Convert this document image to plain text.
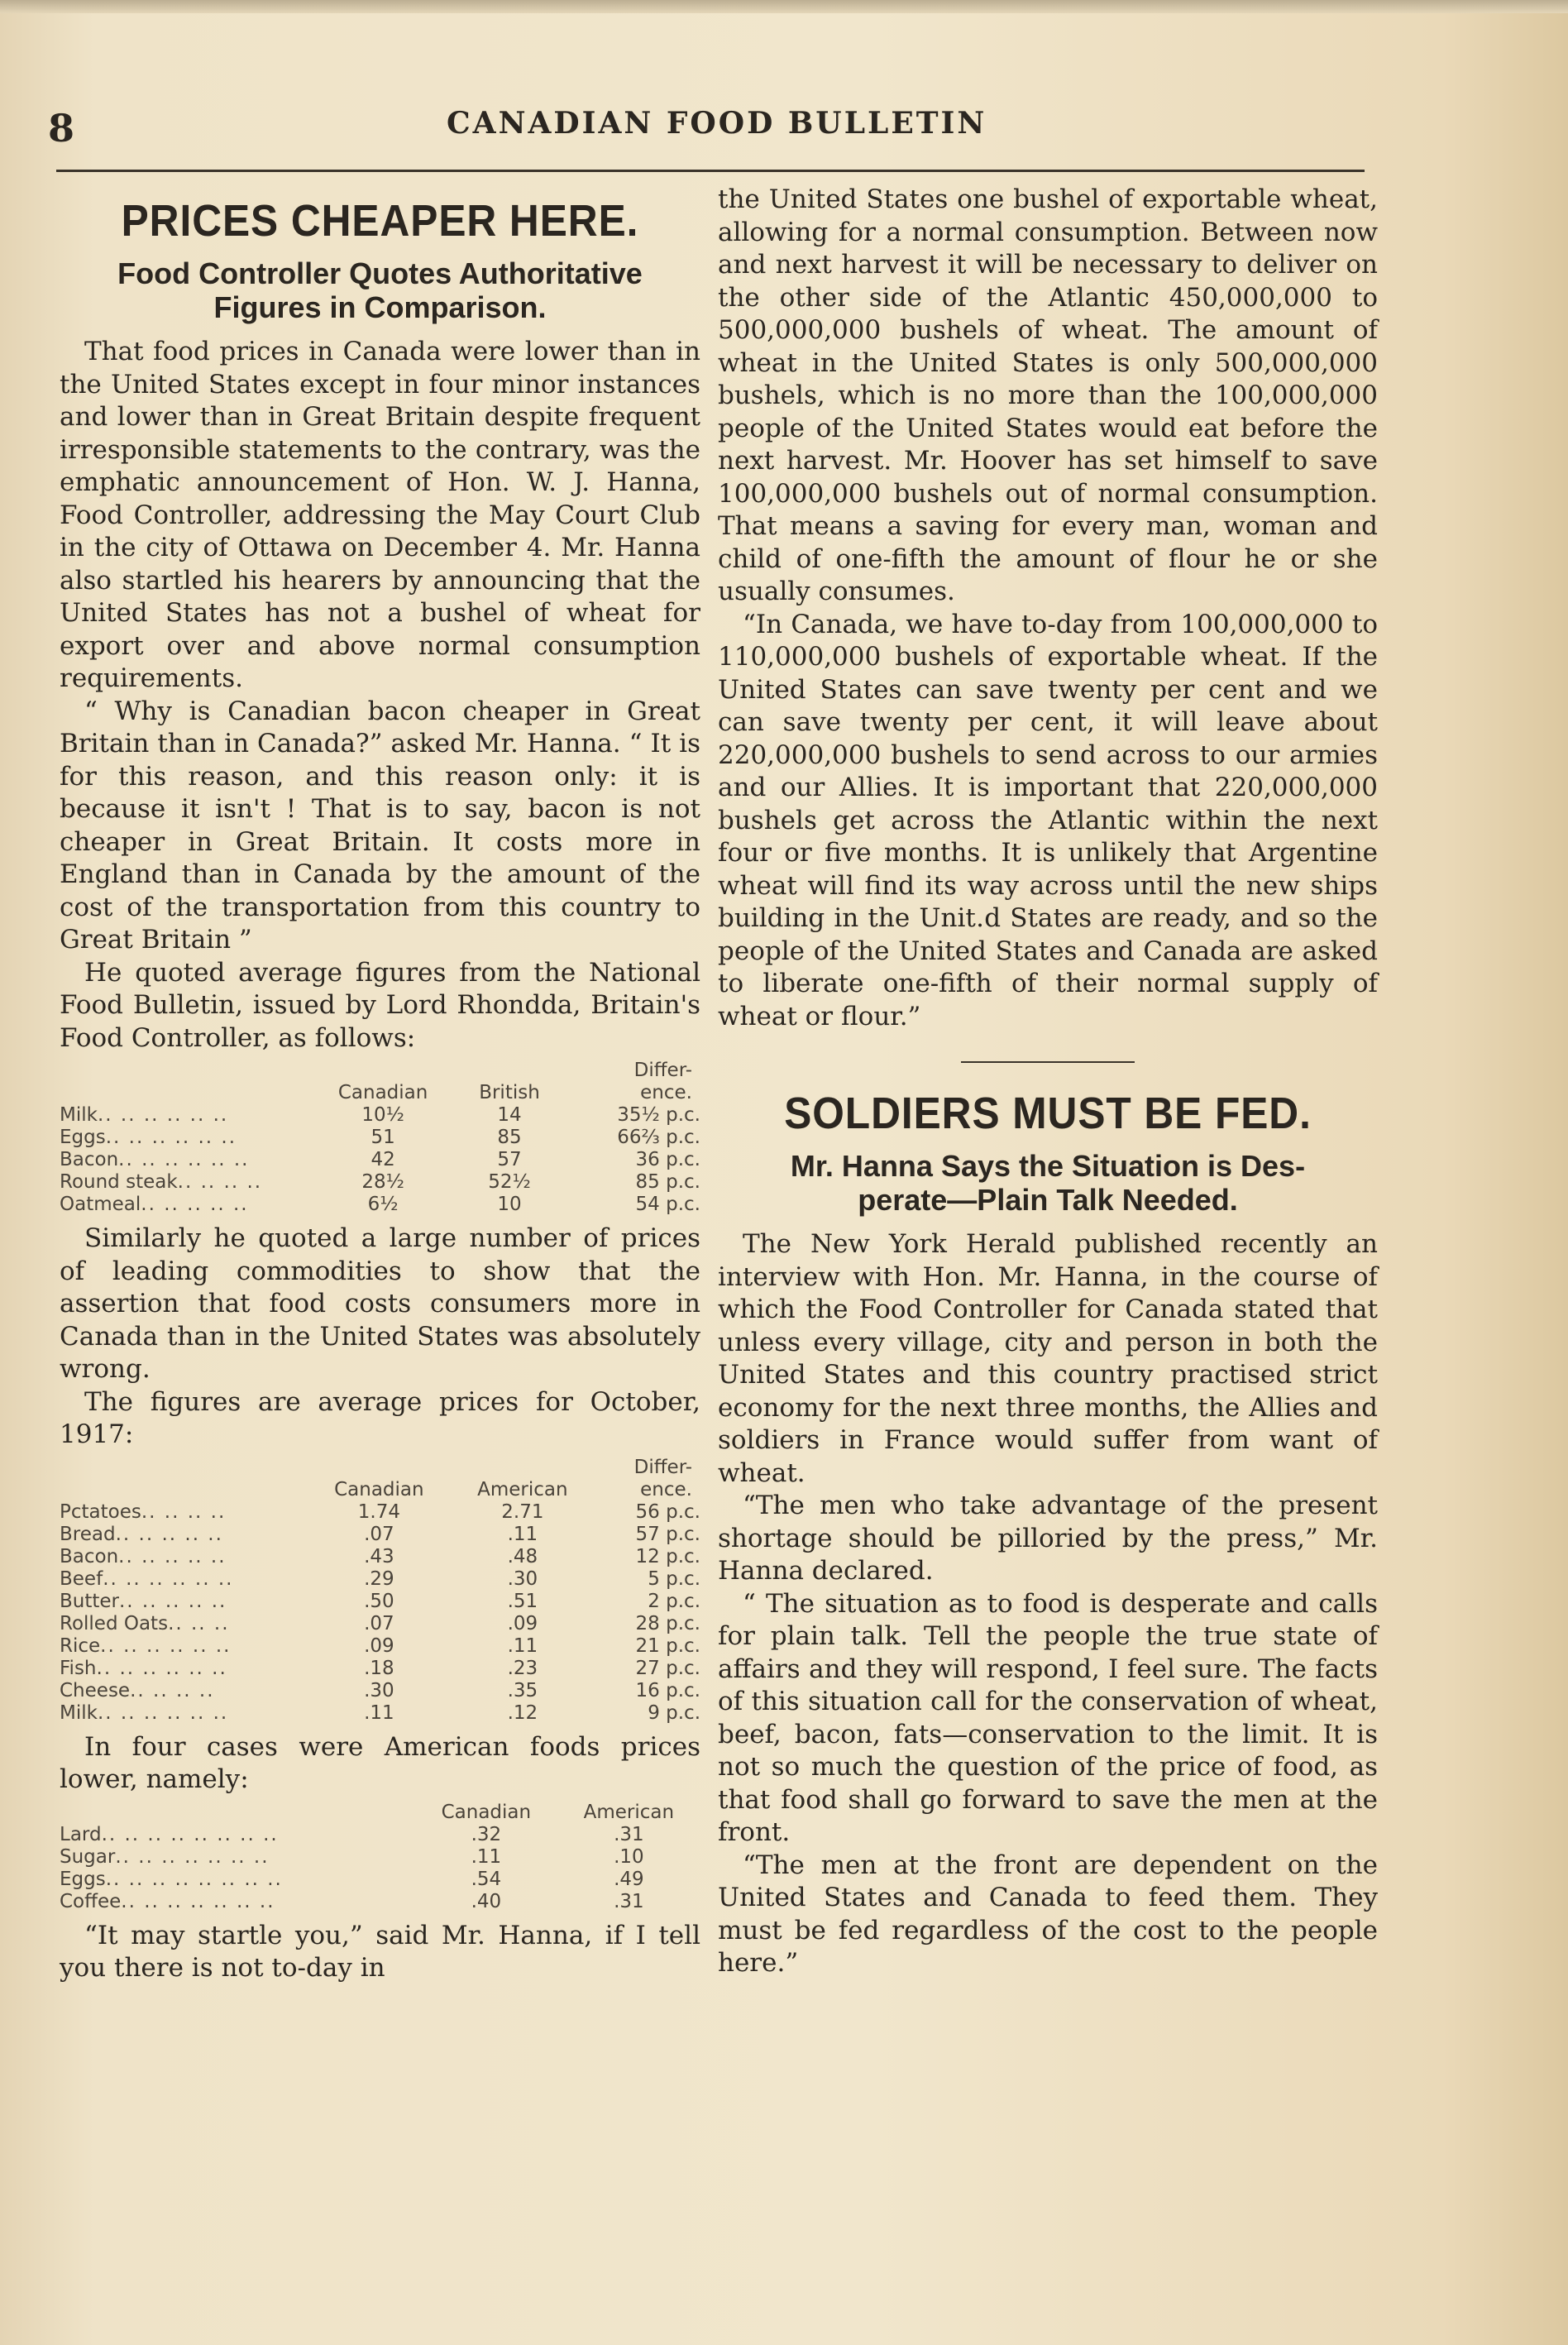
8	CANADIAN FOOD BULLETIN
PRICES CHEAPER HERE.
Food Controller Quotes Authoritative
Figures in Comparison.

That food prices in Canada were lower than in the United States except in four minor instances and lower than in Great Britain despite frequent irresponsible statements to the contrary, was the emphatic announcement of Hon. W. J. Hanna, Food Controller, addressing the May Court Club in the city of Ottawa on December 4. Mr. Hanna also startled his hearers by announcing that the United States has not a bushel of wheat for export over and above normal consumption requirements.

“ Why is Canadian bacon cheaper in Great Britain than in Canada?” asked Mr. Hanna. “ It is for this reason, and this reason only: it is because it isn't ! That is to say, bacon is not cheaper in Great Britain. It costs more in England than in Canada by the amount of the cost of the transportation from this country to Great Britain ”

He quoted average figures from the National Food Bulletin, issued by Lord Rhondda, Britain's Food Controller, as follows:

	Canadian	British	Differ-
ence.
Milk.. .. .. .. .. ..	10½	14	35½ p.c.
Eggs.. .. .. .. .. ..	51	85	66⅔ p.c.
Bacon.. .. .. .. .. ..	42	57	36 p.c.
Round steak.. .. .. ..	28½	52½	85 p.c.
Oatmeal.. .. .. .. ..	6½	10	54 p.c.

Similarly he quoted a large number of prices of leading commodities to show that the assertion that food costs consumers more in Canada than in the United States was absolutely wrong.

The figures are average prices for October, 1917:

	Canadian	American	Differ-
ence.
Pctatoes.. .. .. ..	1.74	2.71	56 p.c.
Bread.. .. .. .. ..	.07	.11	57 p.c.
Bacon.. .. .. .. ..	.43	.48	12 p.c.
Beef.. .. .. .. .. ..	.29	.30	5 p.c.
Butter.. .. .. .. ..	.50	.51	2 p.c.
Rolled Oats.. .. ..	.07	.09	28 p.c.
Rice.. .. .. .. .. ..	.09	.11	21 p.c.
Fish.. .. .. .. .. ..	.18	.23	27 p.c.
Cheese.. .. .. ..	.30	.35	16 p.c.
Milk.. .. .. .. .. ..	.11	.12	9 p.c.

In four cases were American foods prices lower, namely:

	Canadian	American
Lard.. .. .. .. .. .. .. ..	.32	.31
Sugar.. .. .. .. .. .. ..	.11	.10
Eggs.. .. .. .. .. .. .. ..	.54	.49
Coffee.. .. .. .. .. .. ..	.40	.31

“It may startle you,” said Mr. Hanna, if I tell you there is not to-day in

the United States one bushel of exportable wheat, allowing for a normal consumption. Between now and next harvest it will be necessary to deliver on the other side of the Atlantic 450,000,000 to 500,000,000 bushels of wheat. The amount of wheat in the United States is only 500,000,000 bushels, which is no more than the 100,000,000 people of the United States would eat before the next harvest. Mr. Hoover has set himself to save 100,000,000 bushels out of normal consumption. That means a saving for every man, woman and child of one-fifth the amount of flour he or she usually consumes.

“In Canada, we have to-day from 100,000,000 to 110,000,000 bushels of exportable wheat. If the United States can save twenty per cent and we can save twenty per cent, it will leave about 220,000,000 bushels to send across to our armies and our Allies. It is important that 220,000,000 bushels get across the Atlantic within the next four or five months. It is unlikely that Argentine wheat will find its way across until the new ships building in the Unit․d States are ready, and so the people of the United States and Canada are asked to liberate one-fifth of their normal supply of wheat or flour.”

SOLDIERS MUST BE FED.
Mr. Hanna Says the Situation is Des-
perate—Plain Talk Needed.

The New York Herald published recently an interview with Hon. Mr. Hanna, in the course of which the Food Controller for Canada stated that unless every village, city and person in both the United States and this country practised strict economy for the next three months, the Allies and soldiers in France would suffer from want of wheat.

“The men who take advantage of the present shortage should be pilloried by the press,” Mr. Hanna declared.

“ The situation as to food is desperate and calls for plain talk. Tell the people the true state of affairs and they will respond, I feel sure. The facts of this situation call for the conservation of wheat, beef, bacon, fats—conservation to the limit. It is not so much the question of the price of food, as that food shall go forward to save the men at the front.

“The men at the front are dependent on the United States and Canada to feed them. They must be fed regardless of the cost to the people here.”
